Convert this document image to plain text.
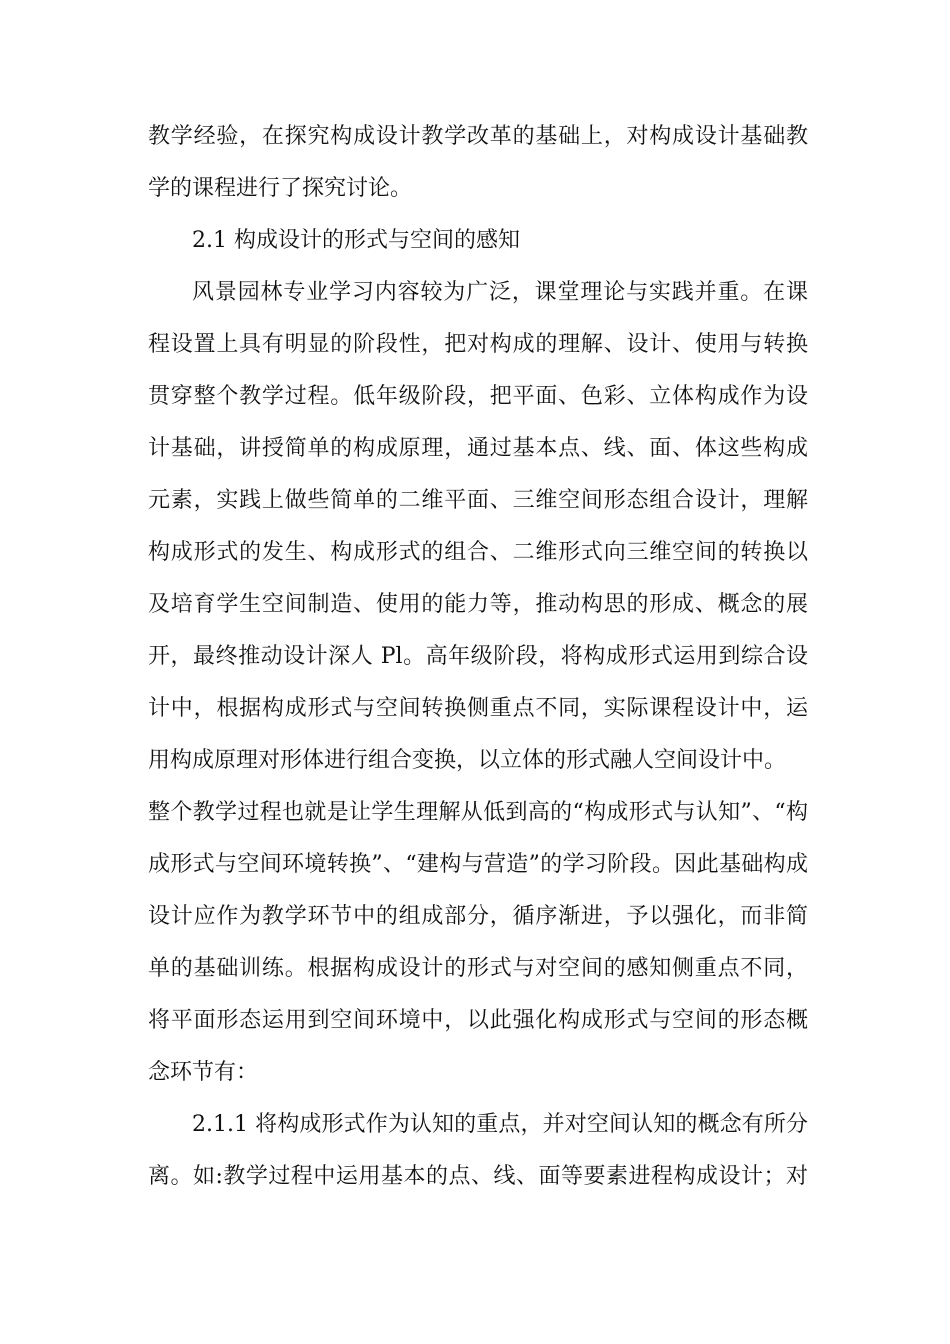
教学经验，在探究构成设计教学改革的基础上，对构成设计基础教
学的课程进行了探究讨论。
2.1 构成设计的形式与空间的感知
风景园林专业学习内容较为广泛，课堂理论与实践并重。在课
程设置上具有明显的阶段性，把对构成的理解、设计、使用与转换
贯穿整个教学过程。低年级阶段，把平面、色彩、立体构成作为设
计基础，讲授简单的构成原理，通过基本点、线、面、体这些构成
元素，实践上做些简单的二维平面、三维空间形态组合设计，理解
构成形式的发生、构成形式的组合、二维形式向三维空间的转换以
及培育学生空间制造、使用的能力等，推动构思的形成、概念的展
开，最终推动设计深人 Pl。高年级阶段，将构成形式运用到综合设
计中，根据构成形式与空间转换侧重点不同，实际课程设计中，运
用构成原理对形体进行组合变换，以立体的形式融人空间设计中。
整个教学过程也就是让学生理解从低到高的“构成形式与认知”、“构
成形式与空间环境转换”、“建构与营造”的学习阶段。因此基础构成
设计应作为教学环节中的组成部分，循序渐进，予以强化，而非简
单的基础训练。根据构成设计的形式与对空间的感知侧重点不同，
将平面形态运用到空间环境中，以此强化构成形式与空间的形态概
念环节有：
2.1.1 将构成形式作为认知的重点，并对空间认知的概念有所分
离。如:教学过程中运用基本的点、线、面等要素进程构成设计；对
